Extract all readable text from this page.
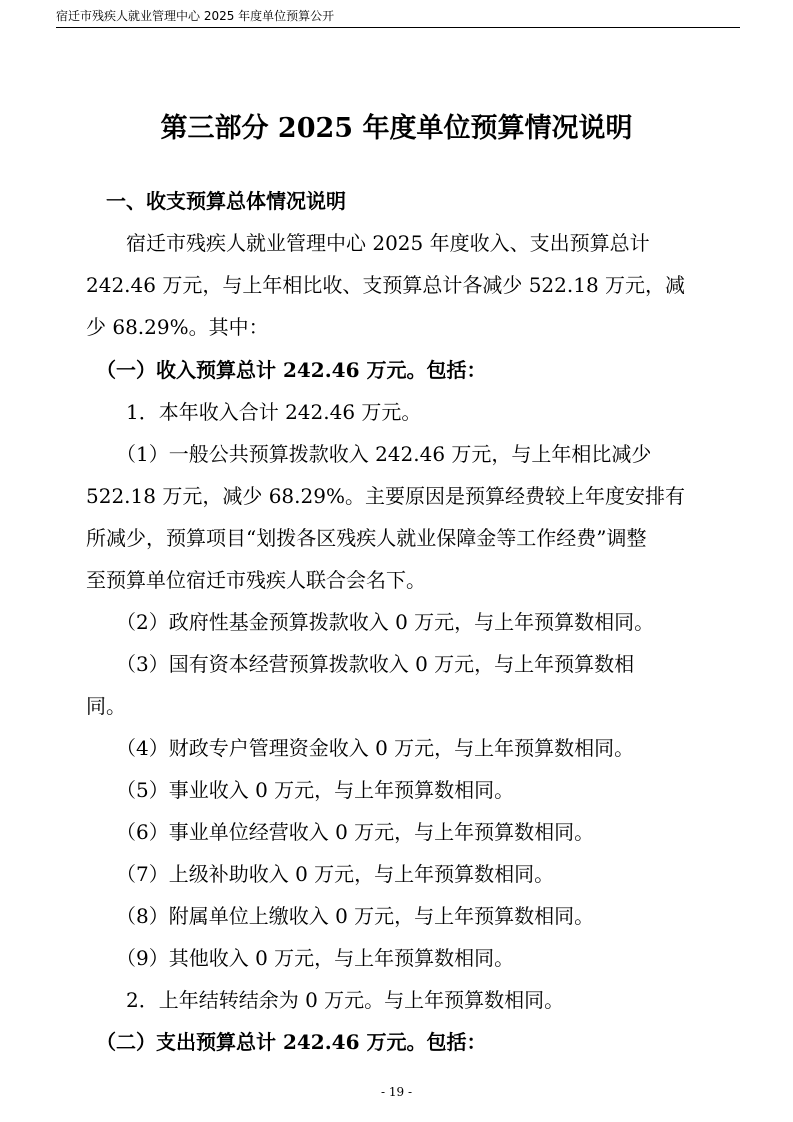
宿迁市残疾人就业管理中心 2025 年度单位预算公开
第三部分 2025 年度单位预算情况说明
　一、收支预算总体情况说明
　　宿迁市残疾人就业管理中心 2025 年度收入、支出预算总计
242.46 万元，与上年相比收、支预算总计各减少 522.18 万元，减
少 68.29%。其中：
　（一）收入预算总计 242.46 万元。包括：
　　1．本年收入合计 242.46 万元。
　　（1）一般公共预算拨款收入 242.46 万元，与上年相比减少
522.18 万元，减少 68.29%。主要原因是预算经费较上年度安排有
所减少，预算项目“划拨各区残疾人就业保障金等工作经费”调整
至预算单位宿迁市残疾人联合会名下。
　　（2）政府性基金预算拨款收入 0 万元，与上年预算数相同。
　　（3）国有资本经营预算拨款收入 0 万元，与上年预算数相
同。
　　（4）财政专户管理资金收入 0 万元，与上年预算数相同。
　　（5）事业收入 0 万元，与上年预算数相同。
　　（6）事业单位经营收入 0 万元，与上年预算数相同。
　　（7）上级补助收入 0 万元，与上年预算数相同。
　　（8）附属单位上缴收入 0 万元，与上年预算数相同。
　　（9）其他收入 0 万元，与上年预算数相同。
　　2．上年结转结余为 0 万元。与上年预算数相同。
　（二）支出预算总计 242.46 万元。包括：
- 19 -
